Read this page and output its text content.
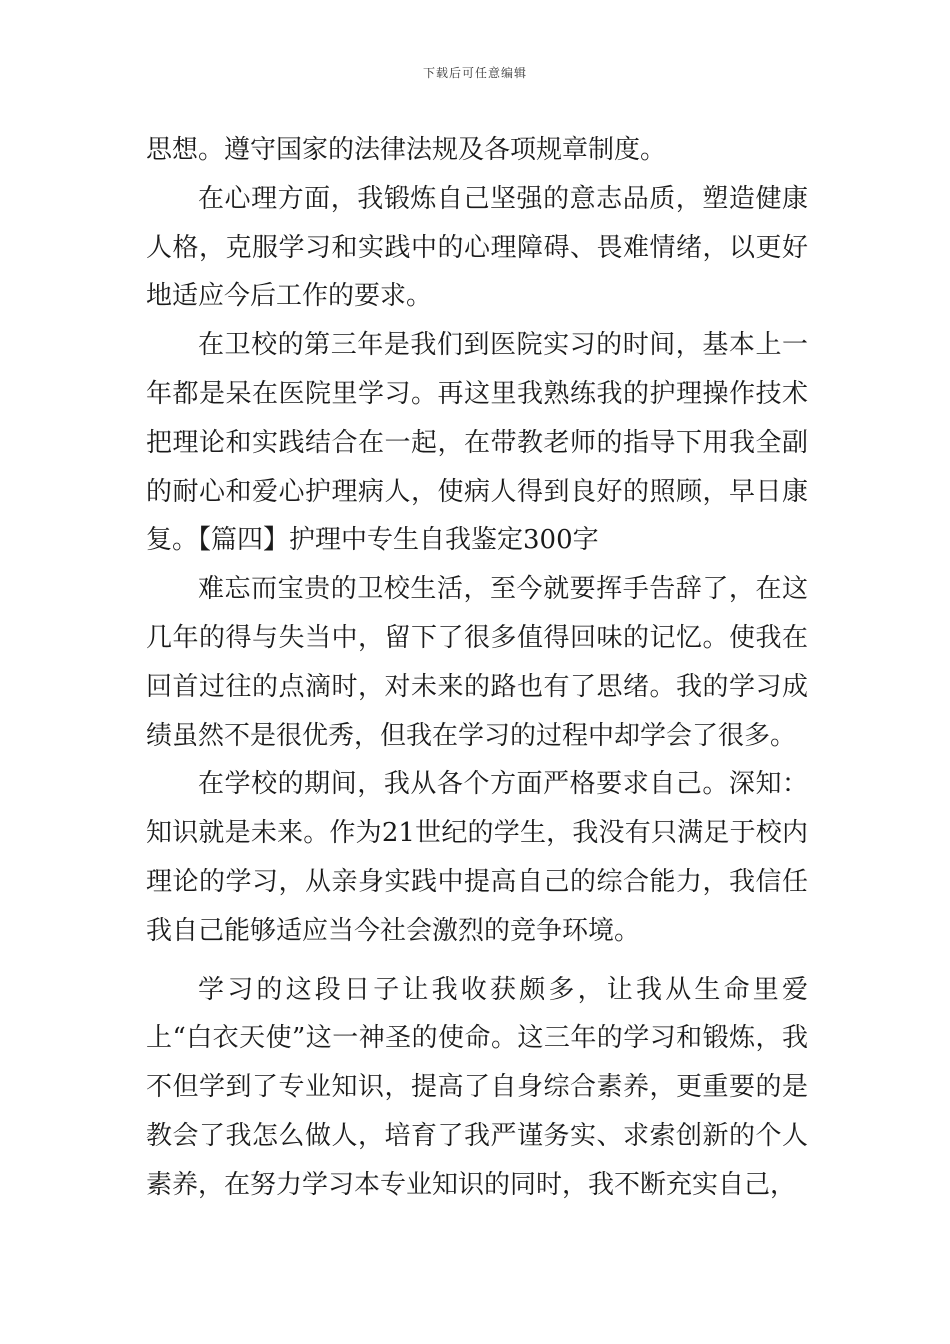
下载后可任意编辑

思想。遵守国家的法律法规及各项规章制度。

在心理方面，我锻炼自己坚强的意志品质，塑造健康人格，克服学习和实践中的心理障碍、畏难情绪，以更好地适应今后工作的要求。

在卫校的第三年是我们到医院实习的时间，基本上一年都是呆在医院里学习。再这里我熟练我的护理操作技术把理论和实践结合在一起，在带教老师的指导下用我全副的耐心和爱心护理病人，使病人得到良好的照顾，早日康复。【篇四】护理中专生自我鉴定300字

难忘而宝贵的卫校生活，至今就要挥手告辞了，在这几年的得与失当中，留下了很多值得回味的记忆。使我在回首过往的点滴时，对未来的路也有了思绪。我的学习成绩虽然不是很优秀，但我在学习的过程中却学会了很多。

在学校的期间，我从各个方面严格要求自己。深知：知识就是未来。作为21世纪的学生，我没有只满足于校内理论的学习，从亲身实践中提高自己的综合能力，我信任我自己能够适应当今社会激烈的竞争环境。

学习的这段日子让我收获颇多，让我从生命里爱上“白衣天使”这一神圣的使命。这三年的学习和锻炼，我不但学到了专业知识，提高了自身综合素养，更重要的是教会了我怎么做人，培育了我严谨务实、求索创新的个人素养，在努力学习本专业知识的同时，我不断充实自己，
